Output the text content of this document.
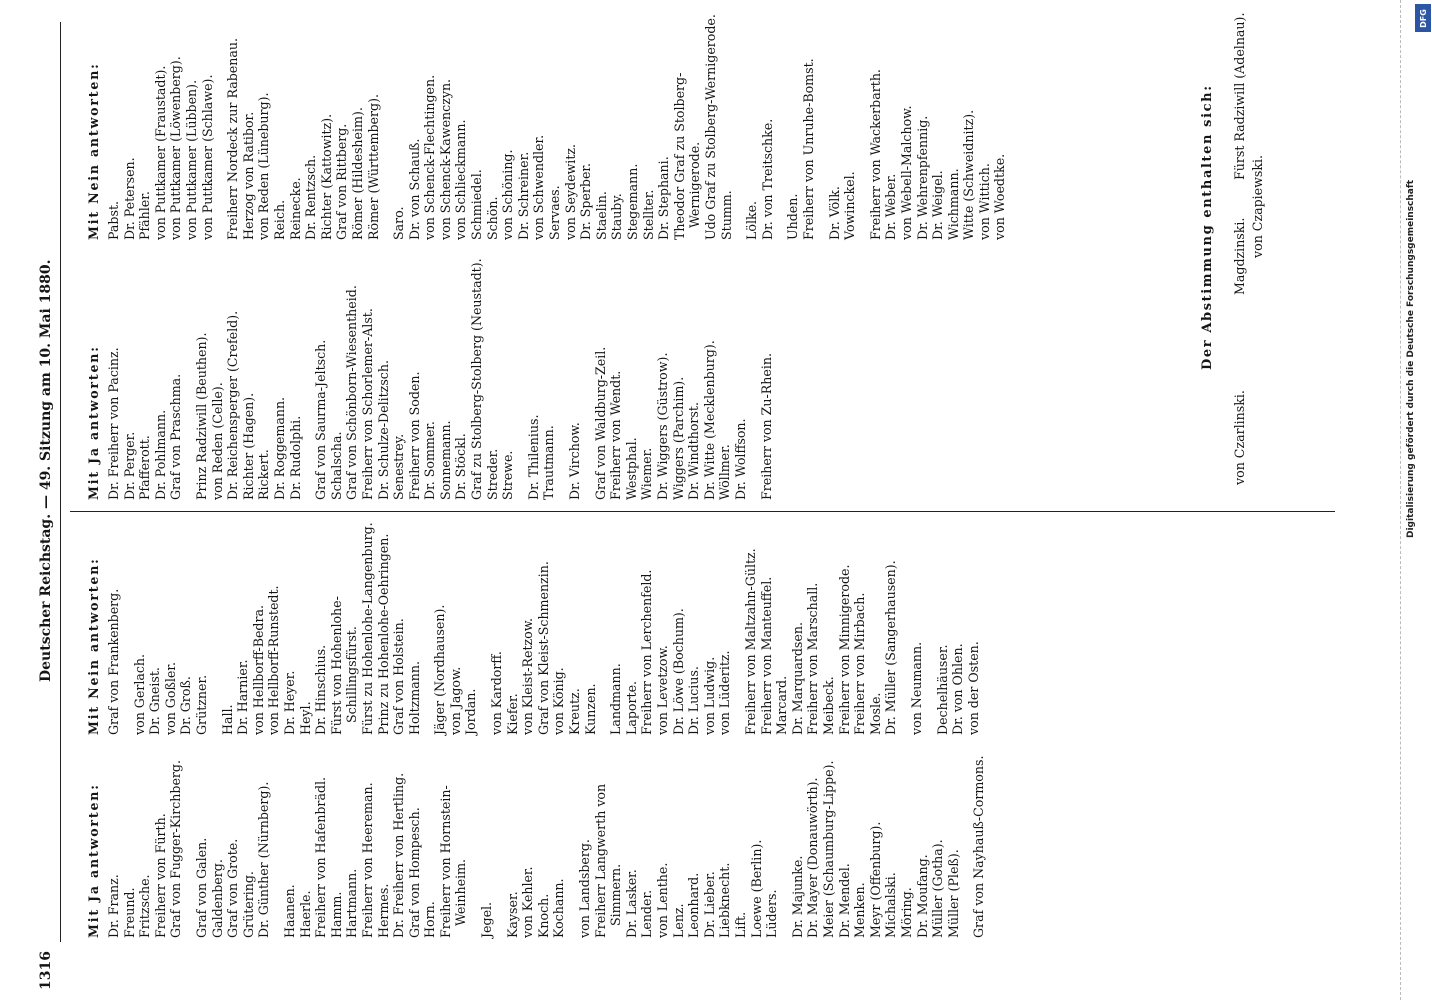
1316
Deutscher Reichstag. — 49. Sitzung am 10. Mai 1880.
Mit Ja antworten: Dr. Franz. Freund. Fritzsche. Freiherr von Fürth. Graf von Fugger-Kirchberg. Graf von Galen. Galdenberg. Graf von Grote. Grütering. Dr. Günther (Nürnberg). Haanen. Haerle. Freiherr von Hafenbrädl. Hamm. Hartmann. Freiherr von Heereman. Hermes. Dr. Freiherr von Hertling. Graf von Hompesch. Horn. Freiherr von Hornstein-Weinheim. Jegel. Kayser. von Kehler. Knoch. Kochann. von Landsberg. Freiherr Langwerth von Simmern. Dr. Lasker. Lender. von Lenthe. Lenz. Leonhard. Dr. Lieber. Liebknecht. Lift. Loewe (Berlin). Lüders. Dr. Majunke. Dr. Mayer (Donauwörth). Meier (Schaumburg-Lippe). Dr. Mendel. Menken. Meyr (Offenburg). Michalski. Möring. Dr. Moufang. Müller (Gotha). Müller (Pleß). Graf von Nayhauß-Cormons.
Mit Nein antworten: Graf von Frankenberg. von Gerlach. Dr. Gneist. von Goßler. Dr. Groß. Grützner. Hall. Dr. Harnier. von Hellborff-Bedra. von Hellborff-Runstedt. Dr. Heyer. Heyl. Dr. Hinschius. Fürst von Hohenlohe-Schillingsfürst. Fürst zu Hohenlohe-Langenburg. Prinz zu Hohenlohe-Oehringen. Graf von Holstein. Holtzmann. Jäger (Nordhausen). von Jagow. Jordan. von Kardorff. Kiefer. von Kleist-Retzow. Graf von Kleist-Schmenzin. von König. Kreutz. Kunzen. Landmann. Laporte. Freiherr von Lerchenfeld. von Levetzow. Dr. Löwe (Bochum). Dr. Lucius. von Ludwig. von Lüderitz. Freiherr von Maltzahn-Gültz. Freiherr von Manteuffel. Marcard. Dr. Marquardsen. Freiherr von Marschall. Meibeck. Freiherr von Minnigerode. Freiherr von Mirbach. Mosle. Dr. Müller (Sangerhausen). von Neumann. Dechelhäuser. Dr. von Ohlen. von der Osten.
Mit Ja antworten: Dr. Freiherr von Pacinz. Dr. Perger. Pfafferott. Dr. Pohlmann. Graf von Praschma. Prinz Radziwill (Beuthen). von Reden (Celle). Dr. Reichensperger (Crefeld). Richter (Hagen). Rickert. Dr. Roggemann. Dr. Rudolphi. Graf von Saurma-Jeltsch. Schalscha. Graf von Schönborn-Wiesentheid. Freiherr von Schorlemer-Alst. Dr. Schulze-Delitzsch. Senestrey. Freiherr von Soden. Dr. Sommer. Sonnemann. Dr. Stöckl. Graf zu Stolberg-Stolberg (Neustadt). Streder. Strewe. Dr. Thilenius. Trautmann. Dr. Virchow. Graf von Waldburg-Zeil. Freiherr von Wendt. Westphal. Wiemer. Dr. Wiggers (Güstrow). Wiggers (Parchim). Dr. Windthorst. Dr. Witte (Mecklenburg). Wöllmer. Dr. Wolffson. Freiherr von Zu-Rhein.
Mit Nein antworten: Pabst. Dr. Petersen. Pfähler. von Puttkamer (Fraustadt). von Puttkamer (Löwenberg). von Puttkamer (Lübben). von Puttkamer (Schlawe). Freiherr Nordeck zur Rabenau. Herzog von Ratibor. von Reden (Lüneburg). Reich. Reinecke. Dr. Rentzsch. Richter (Kattowitz). Graf von Rittberg. Römer (Hildesheim). Römer (Württemberg). Saro. Dr. von Schauß. von Schenck-Flechtingen. von Schenck-Kawenczyn. von Schlieckmann. Schmiedel. Schön. von Schöning. Dr. Schreiner. von Schwendler. Servaes. von Seydewitz. Dr. Sperber. Staelin. Stauby. Stegemann. Stellter. Dr. Stephani. Theodor Graf zu Stolberg-Wernigerode. Udo Graf zu Stolberg-Wernigerode. Stumm. Lölke. Dr. von Treitschke. Uhden. Freiherr von Unruhe-Bomst. Dr. Völk. Vowinckel. Freiherr von Wackerbarth. Dr. Weber. von Webell-Malchow. Dr. Wehrenpfennig. Dr. Weigel. Wichmann. Witte (Schweidnitz). von Wittich. von Woedtke.	Der Abstimmung enthalten sich:
von Czarlinski.
Magdzinski.
Fürst Radziwill (Adelnau).
von Czapiewski.
DFG
Digitalisierung gefördert durch die Deutsche Forschungsgemeinschaft
